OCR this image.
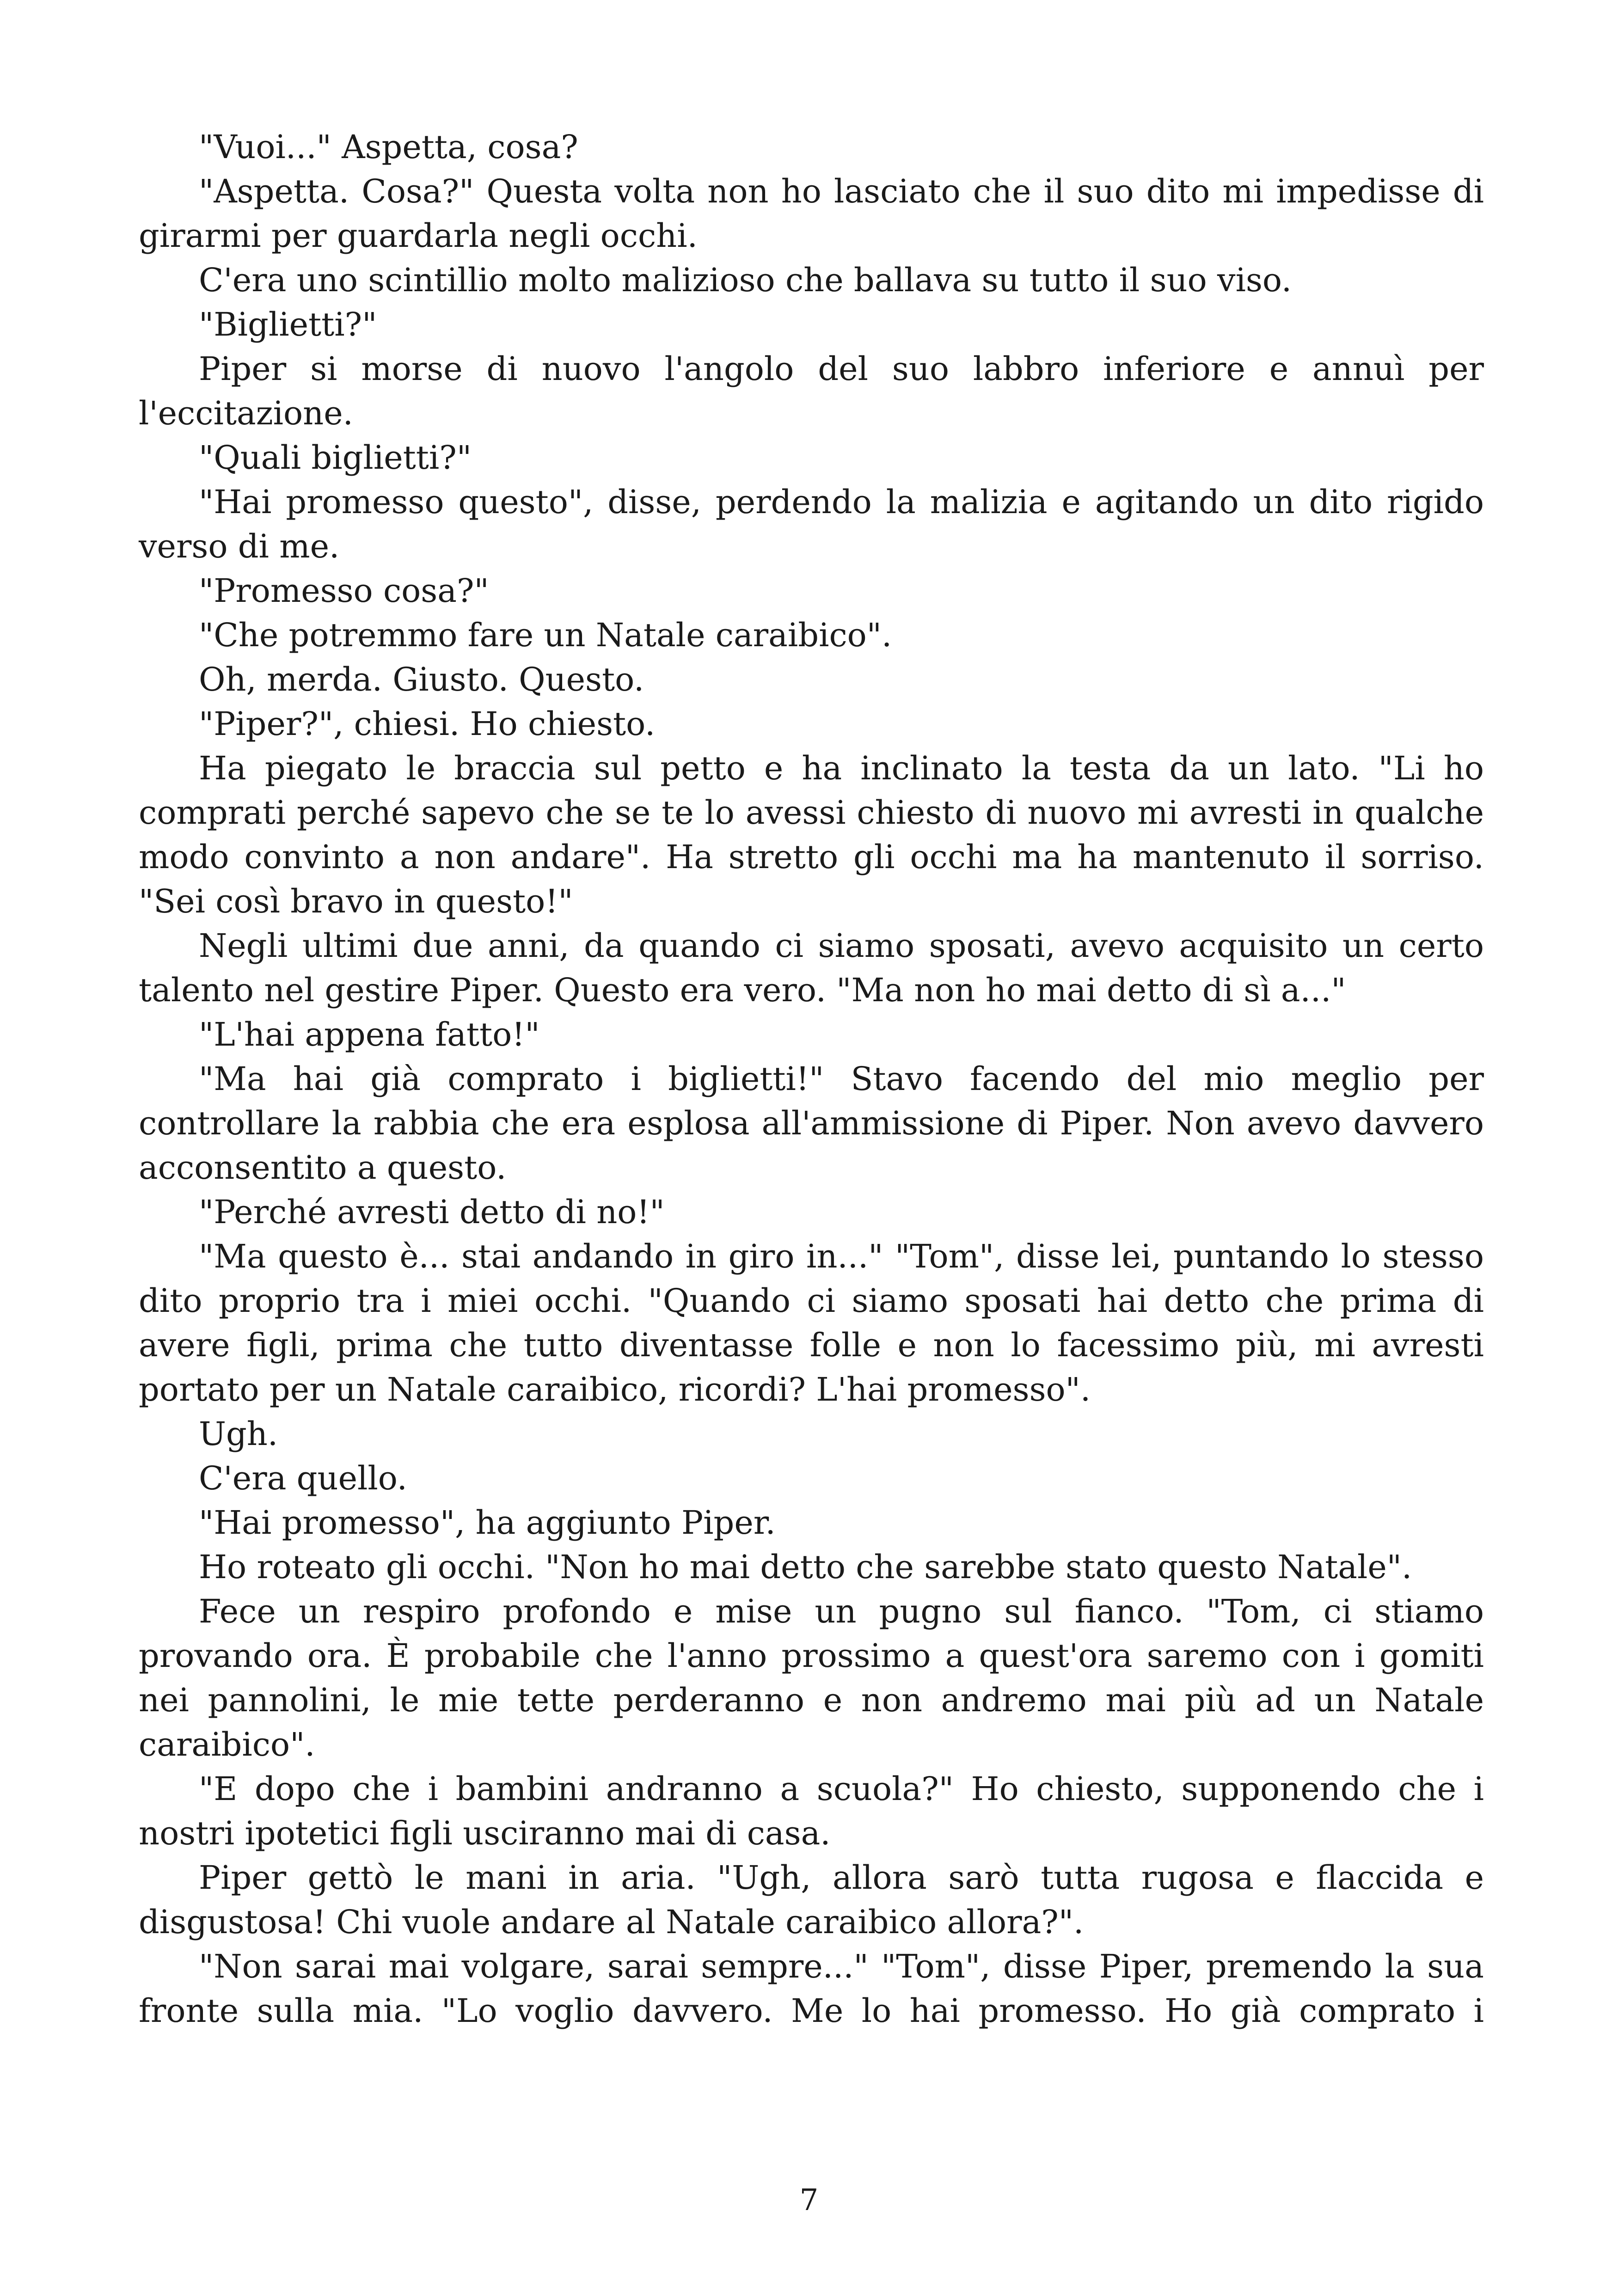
"Vuoi..." Aspetta, cosa?

"Aspetta. Cosa?" Questa volta non ho lasciato che il suo dito mi impedisse di girarmi per guardarla negli occhi.

C'era uno scintillio molto malizioso che ballava su tutto il suo viso.

"Biglietti?"

Piper si morse di nuovo l'angolo del suo labbro inferiore e annuì per l'eccitazione.

"Quali biglietti?"

"Hai promesso questo", disse, perdendo la malizia e agitando un dito rigido verso di me.

"Promesso cosa?"

"Che potremmo fare un Natale caraibico".

Oh, merda. Giusto. Questo.

"Piper?", chiesi. Ho chiesto.

Ha piegato le braccia sul petto e ha inclinato la testa da un lato. "Li ho comprati perché sapevo che se te lo avessi chiesto di nuovo mi avresti in qualche modo convinto a non andare". Ha stretto gli occhi ma ha mantenuto il sorriso. "Sei così bravo in questo!"

Negli ultimi due anni, da quando ci siamo sposati, avevo acquisito un certo talento nel gestire Piper. Questo era vero. "Ma non ho mai detto di sì a..."

"L'hai appena fatto!"

"Ma hai già comprato i biglietti!" Stavo facendo del mio meglio per controllare la rabbia che era esplosa all'ammissione di Piper. Non avevo davvero acconsentito a questo.

"Perché avresti detto di no!"

"Ma questo è... stai andando in giro in..." "Tom", disse lei, puntando lo stesso dito proprio tra i miei occhi. "Quando ci siamo sposati hai detto che prima di avere figli, prima che tutto diventasse folle e non lo facessimo più, mi avresti portato per un Natale caraibico, ricordi? L'hai promesso".

Ugh.

C'era quello.

"Hai promesso", ha aggiunto Piper.

Ho roteato gli occhi. "Non ho mai detto che sarebbe stato questo Natale".

Fece un respiro profondo e mise un pugno sul fianco. "Tom, ci stiamo provando ora. È probabile che l'anno prossimo a quest'ora saremo con i gomiti nei pannolini, le mie tette perderanno e non andremo mai più ad un Natale caraibico".

"E dopo che i bambini andranno a scuola?" Ho chiesto, supponendo che i nostri ipotetici figli usciranno mai di casa.

Piper gettò le mani in aria. "Ugh, allora sarò tutta rugosa e flaccida e disgustosa! Chi vuole andare al Natale caraibico allora?".

"Non sarai mai volgare, sarai sempre..." "Tom", disse Piper, premendo la sua fronte sulla mia. "Lo voglio davvero. Me lo hai promesso. Ho già comprato i

7
